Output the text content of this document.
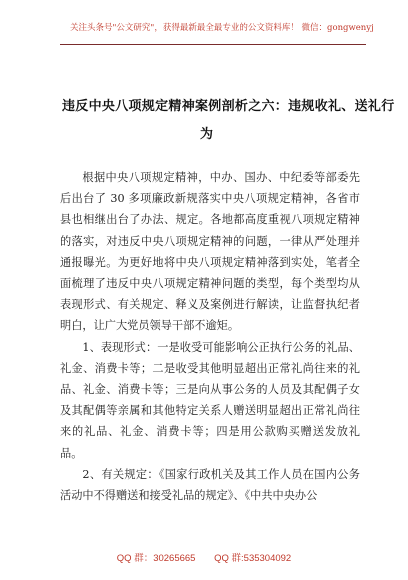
关注头条号"公文研究"，获得最新最全最专业的公文资料库！ 微信：gongwenyj
违反中央八项规定精神案例剖析之六：违规收礼、送礼行
为

根据中央八项规定精神，中办、国办、中纪委等部委先后出台了 30 多项廉政新规落实中央八项规定精神，各省市县也相继出台了办法、规定。各地都高度重视八项规定精神的落实，对违反中央八项规定精神的问题，一律从严处理并通报曝光。为更好地将中央八项规定精神落到实处，笔者全面梳理了违反中央八项规定精神问题的类型，每个类型均从表现形式、有关规定、释义及案例进行解读，让监督执纪者明白，让广大党员领导干部不逾矩。

1、表现形式：一是收受可能影响公正执行公务的礼品、礼金、消费卡等；二是收受其他明显超出正常礼尚往来的礼品、礼金、消费卡等；三是向从事公务的人员及其配偶子女及其配偶等亲属和其他特定关系人赠送明显超出正常礼尚往来的礼品、礼金、消费卡等；四是用公款购买赠送发放礼品。

2、有关规定：《国家行政机关及其工作人员在国内公务活动中不得赠送和接受礼品的规定》、《中共中央办公

QQ 群：30265665 QQ 群:535304092
